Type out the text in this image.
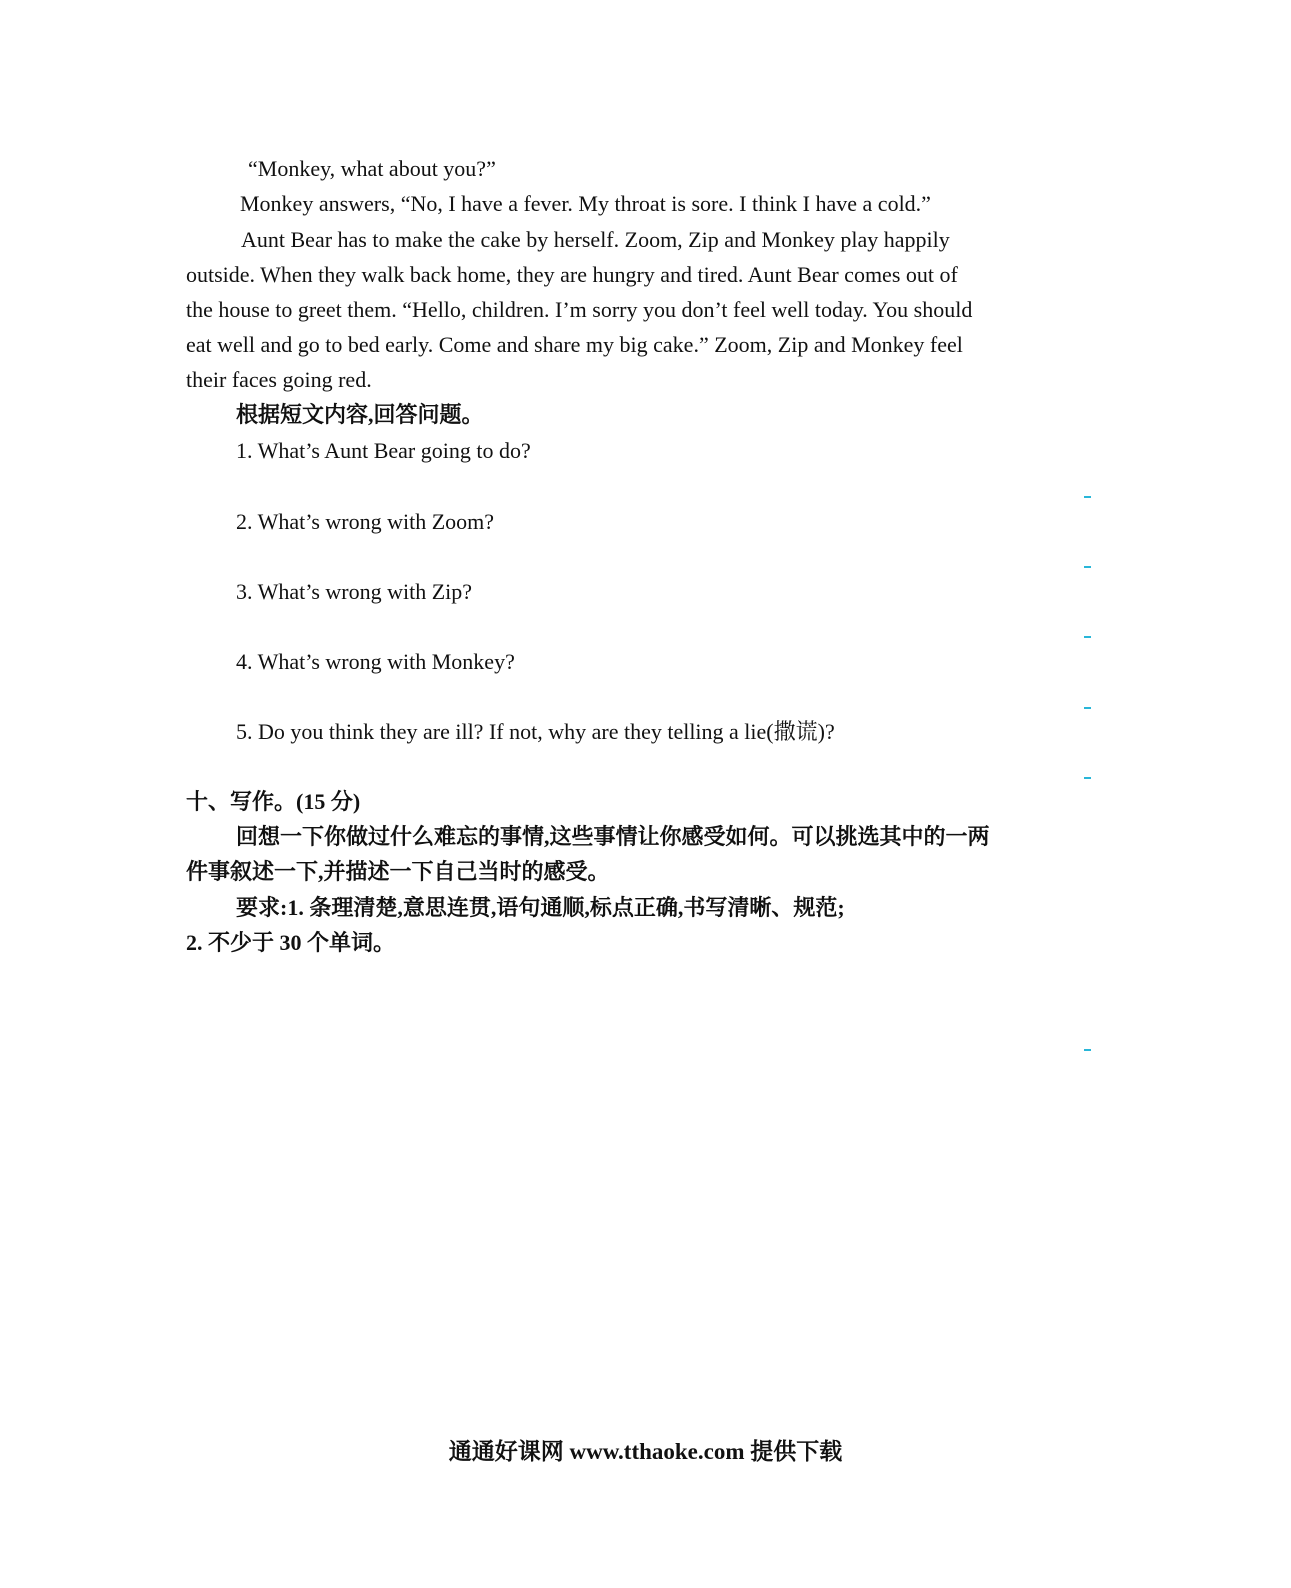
“Monkey, what about you?”
Monkey answers, “No, I have a fever. My throat is sore. I think I have a cold.”
Aunt Bear has to make the cake by herself. Zoom, Zip and Monkey play happily
outside. When they walk back home, they are hungry and tired. Aunt Bear comes out of
the house to greet them. “Hello, children. I’m sorry you don’t feel well today. You should
eat well and go to bed early. Come and share my big cake.” Zoom, Zip and Monkey feel
their faces going red.
根据短文内容,回答问题。
1. What’s Aunt Bear going to do?
2. What’s wrong with Zoom?
3. What’s wrong with Zip?
4. What’s wrong with Monkey?
5. Do you think they are ill? If not, why are they telling a lie(撒谎)?
十、写作。(15 分)
回想一下你做过什么难忘的事情,这些事情让你感受如何。可以挑选其中的一两
件事叙述一下,并描述一下自己当时的感受。
要求:1. 条理清楚,意思连贯,语句通顺,标点正确,书写清晰、规范;
2. 不少于 30 个单词。
通通好课网 www.tthaoke.com 提供下载
